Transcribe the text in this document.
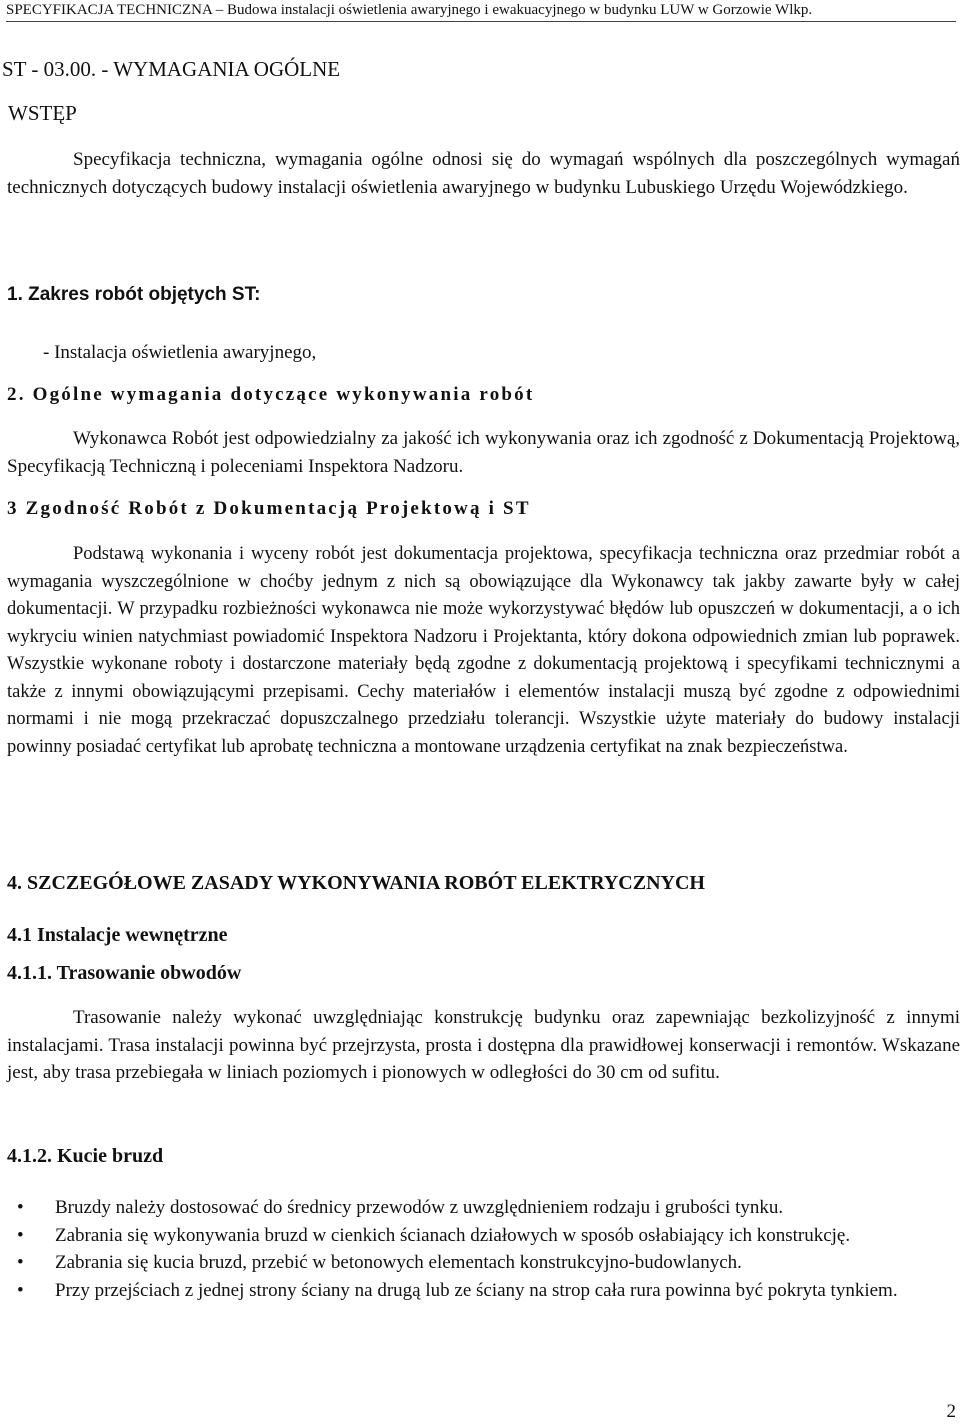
SPECYFIKACJA TECHNICZNA – Budowa instalacji oświetlenia awaryjnego i ewakuacyjnego w budynku LUW w Gorzowie Wlkp.
ST - 03.00. - WYMAGANIA OGÓLNE
WSTĘP

Specyfikacja techniczna, wymagania ogólne odnosi się do wymagań wspólnych dla poszczególnych wymagań technicznych dotyczących budowy instalacji oświetlenia awaryjnego w budynku Lubuskiego Urzędu Wojewódzkiego.

1. Zakres robót objętych ST:
- Instalacja oświetlenia awaryjnego,
2. Ogólne wymagania dotyczące wykonywania robót

Wykonawca Robót jest odpowiedzialny za jakość ich wykonywania oraz ich zgodność z Dokumentacją Projektową, Specyfikacją Techniczną i poleceniami Inspektora Nadzoru.

3 Zgodność Robót z Dokumentacją Projektową i ST

Podstawą wykonania i wyceny robót jest dokumentacja projektowa, specyfikacja techniczna oraz przedmiar robót a wymagania wyszczególnione w choćby jednym z nich są obowiązujące dla Wykonawcy tak jakby zawarte były w całej dokumentacji. W przypadku rozbieżności wykonawca nie może wykorzystywać błędów lub opuszczeń w dokumentacji, a o ich wykryciu winien natychmiast powiadomić Inspektora Nadzoru i Projektanta, który dokona odpowiednich zmian lub poprawek. Wszystkie wykonane roboty i dostarczone materiały będą zgodne z dokumentacją projektową i specyfikami technicznymi a także z innymi obowiązującymi przepisami. Cechy materiałów i elementów instalacji muszą być zgodne z odpowiednimi normami i nie mogą przekraczać dopuszczalnego przedziału tolerancji. Wszystkie użyte materiały do budowy instalacji powinny posiadać certyfikat lub aprobatę techniczna a montowane urządzenia certyfikat na znak bezpieczeństwa.

4. SZCZEGÓŁOWE ZASADY WYKONYWANIA ROBÓT ELEKTRYCZNYCH
4.1 Instalacje wewnętrzne
4.1.1. Trasowanie obwodów

Trasowanie należy wykonać uwzględniając konstrukcję budynku oraz zapewniając bezkolizyjność z innymi instalacjami. Trasa instalacji powinna być przejrzysta, prosta i dostępna dla prawidłowej konserwacji i remontów. Wskazane jest, aby trasa przebiegała w liniach poziomych i pionowych w odległości do 30 cm od sufitu.

4.1.2. Kucie bruzd
• Bruzdy należy dostosować do średnicy przewodów z uwzględnieniem rodzaju i grubości tynku.
• Zabrania się wykonywania bruzd w cienkich ścianach działowych w sposób osłabiający ich konstrukcję.
• Zabrania się kucia bruzd, przebić w betonowych elementach konstrukcyjno-budowlanych.
• Przy przejściach z jednej strony ściany na drugą lub ze ściany na strop cała rura powinna być pokryta tynkiem.
2
